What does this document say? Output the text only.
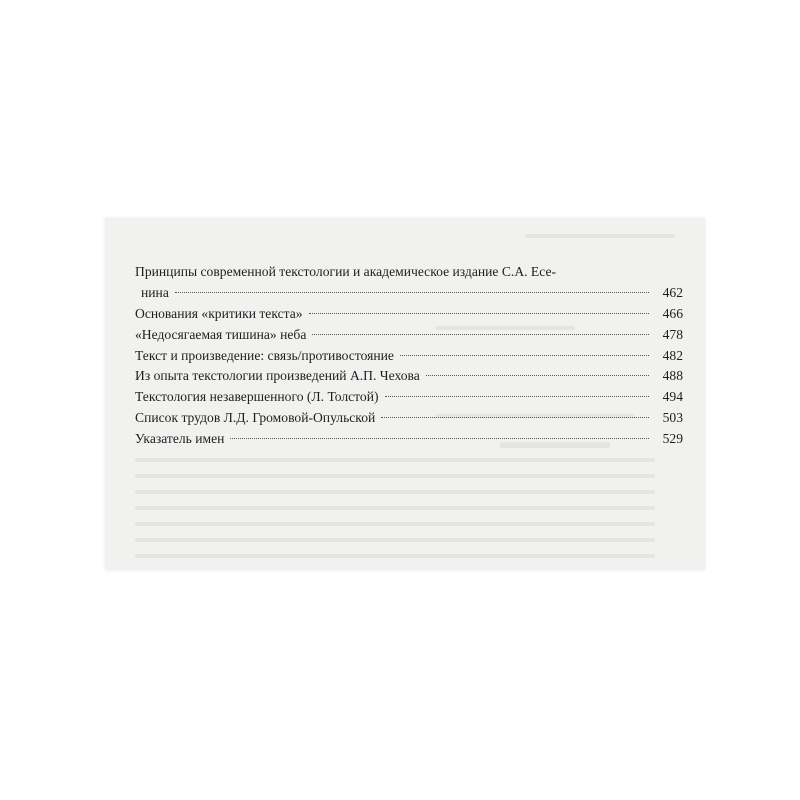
Принципы современной текстологии и академическое издание С.А. Есе-
нина	462
Основания «критики текста»	466
«Недосягаемая тишина» неба	478
Текст и произведение: связь/противостояние	482
Из опыта текстологии произведений А.П. Чехова	488
Текстология незавершенного (Л. Толстой)	494
Список трудов Л.Д. Громовой-Опульской	503
Указатель имен	529
